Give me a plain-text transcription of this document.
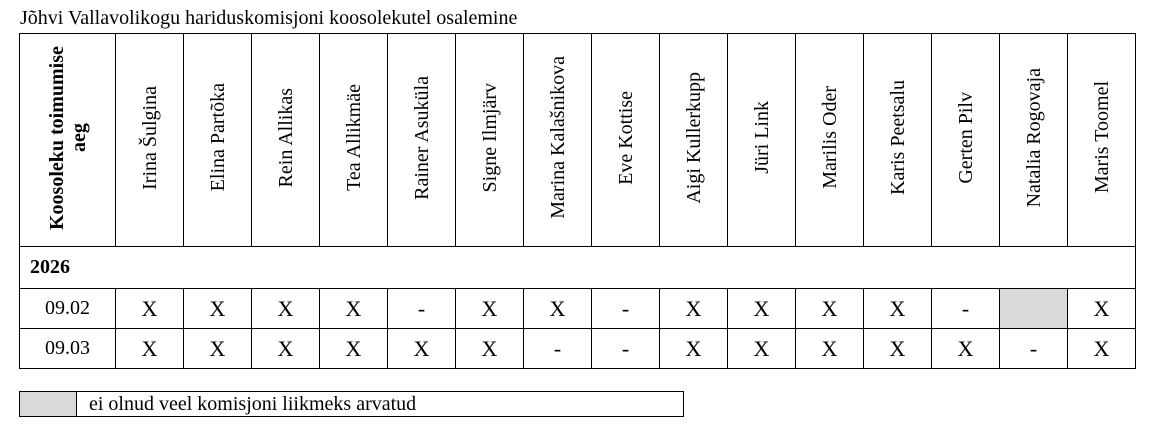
Jõhvi Vallavolikogu hariduskomisjoni koosolekutel osalemine
Koosoleku toimumise aeg	Irina Šulgina	Elina Partõka	Rein Allikas	Tea Allikmäe	Rainer Asuküla	Signe Ilmjärv	Marina Kalašnikova	Eve Kottise	Aigi Kullerkupp	Jüri Link	Marilis Oder	Karis Peetsalu	Gerten Pilv	Natalia Rogovaja	Maris Toomel
2026															
09.02	X	X	X	X	-	X	X	-	X	X	X	X	-		X
09.03	X	X	X	X	X	X	-	-	X	X	X	X	X	-	X
ei olnud veel komisjoni liikmeks arvatud
